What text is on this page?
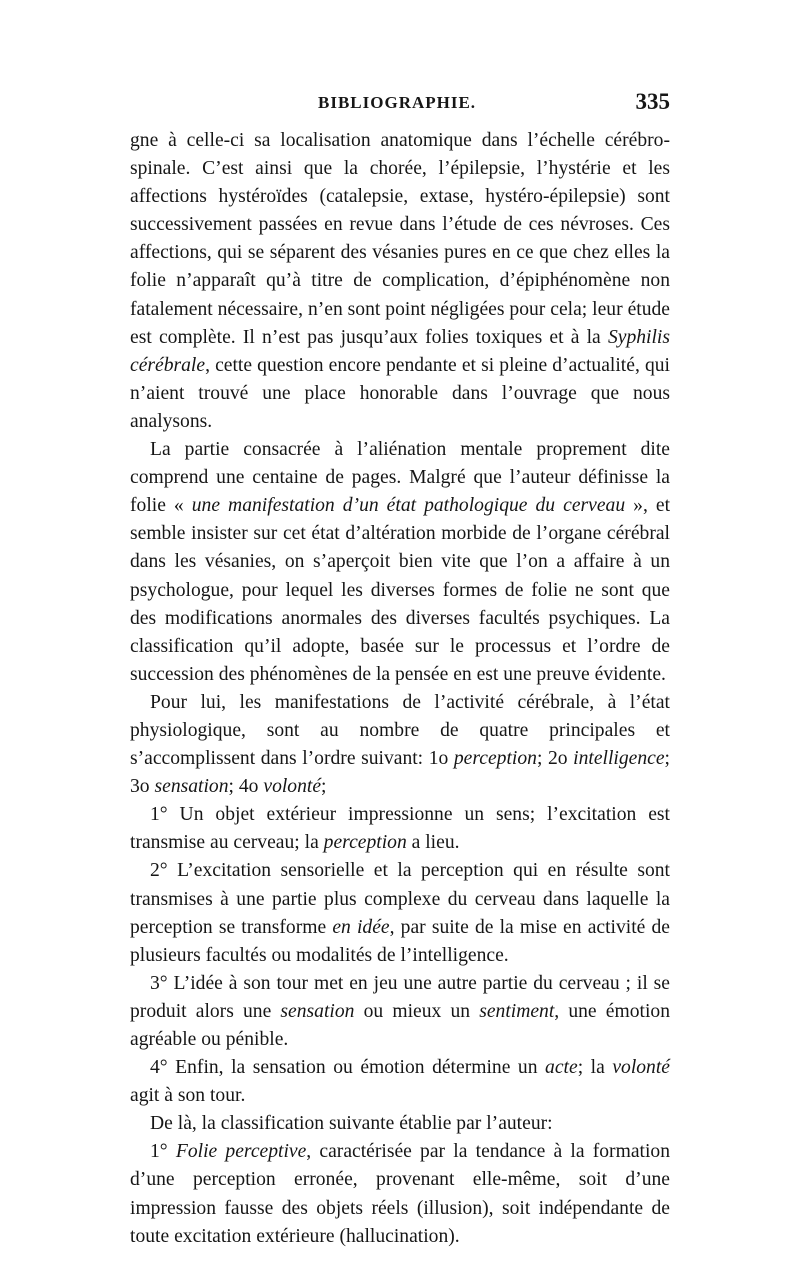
BIBLIOGRAPHIE.	335

gne à celle-ci sa localisation anatomique dans l’échelle cérébro-spinale. C’est ainsi que la chorée, l’épilepsie, l’hystérie et les affections hystéroïdes (catalepsie, extase, hystéro-épilepsie) sont successivement passées en revue dans l’étude de ces névroses. Ces affections, qui se séparent des vésanies pures en ce que chez elles la folie n’apparaît qu’à titre de complication, d’épiphénomène non fatalement nécessaire, n’en sont point négligées pour cela; leur étude est complète. Il n’est pas jusqu’aux folies toxiques et à la Syphilis cérébrale, cette question encore pendante et si pleine d’actualité, qui n’aient trouvé une place honorable dans l’ouvrage que nous analysons.

La partie consacrée à l’aliénation mentale proprement dite comprend une centaine de pages. Malgré que l’auteur définisse la folie « une manifestation d’un état pathologique du cerveau », et semble insister sur cet état d’altération morbide de l’organe cérébral dans les vésanies, on s’aperçoit bien vite que l’on a affaire à un psychologue, pour lequel les diverses formes de folie ne sont que des modifications anormales des diverses facultés psychiques. La classification qu’il adopte, basée sur le processus et l’ordre de succession des phénomènes de la pensée en est une preuve évidente.

Pour lui, les manifestations de l’activité cérébrale, à l’état physiologique, sont au nombre de quatre principales et s’accomplissent dans l’ordre suivant: 1o perception; 2o intelligence; 3o sensation; 4o volonté;

1° Un objet extérieur impressionne un sens; l’excitation est transmise au cerveau; la perception a lieu.

2° L’excitation sensorielle et la perception qui en résulte sont transmises à une partie plus complexe du cerveau dans laquelle la perception se transforme en idée, par suite de la mise en activité de plusieurs facultés ou modalités de l’intelligence.

3° L’idée à son tour met en jeu une autre partie du cerveau ; il se produit alors une sensation ou mieux un sentiment, une émotion agréable ou pénible.

4° Enfin, la sensation ou émotion détermine un acte; la volonté agit à son tour.

De là, la classification suivante établie par l’auteur:

1° Folie perceptive, caractérisée par la tendance à la formation d’une perception erronée, provenant elle-même, soit d’une impression fausse des objets réels (illusion), soit indépendante de toute excitation extérieure (hallucination).
